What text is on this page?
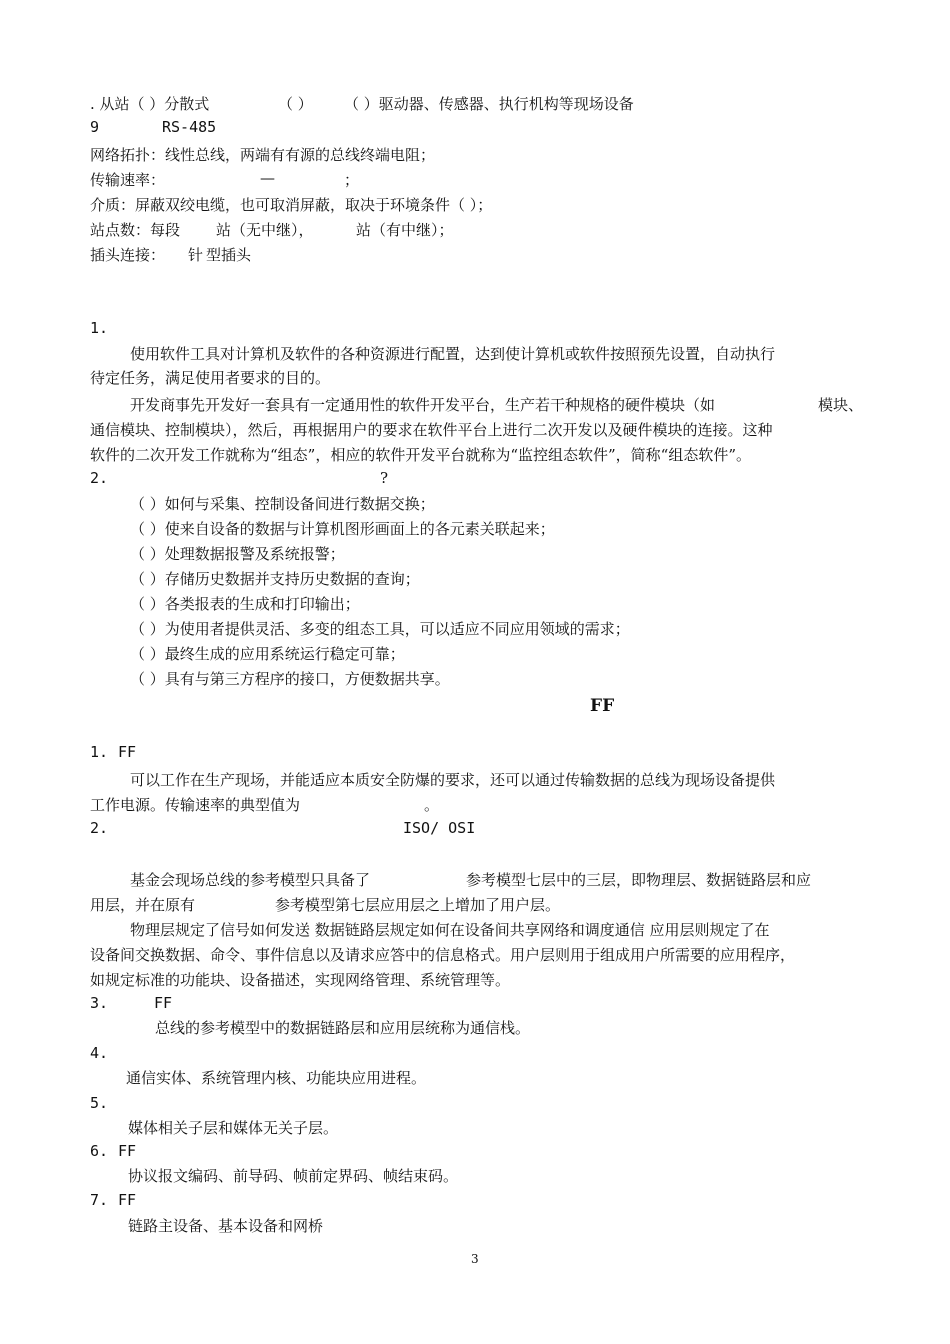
. 从站（ ）分散式	（ ） （ ）驱动器、传感器、执行机构等现场设备
9	RS-485
网络拓扑：线性总线，两端有有源的总线终端电阻；
传输速率：	—	；
介质：屏蔽双绞电缆，也可取消屏蔽，取决于环境条件（ ）；
站点数：每段 站（无中继），	站（有中继）；
插头连接： 针 型插头
1.
使用软件工具对计算机及软件的各种资源进行配置，达到使计算机或软件按照预先设置，自动执行
待定任务，满足使用者要求的目的。
开发商事先开发好一套具有一定通用性的软件开发平台，生产若干种规格的硬件模块（如	模块、
通信模块、控制模块），然后，再根据用户的要求在软件平台上进行二次开发以及硬件模块的连接。这种
软件的二次开发工作就称为“组态”，相应的软件开发平台就称为“监控组态软件”，简称“组态软件”。
2.	?
（ ）如何与采集、控制设备间进行数据交换；
（ ）使来自设备的数据与计算机图形画面上的各元素关联起来；
（ ）处理数据报警及系统报警；
（ ）存储历史数据并支持历史数据的查询；
（ ）各类报表的生成和打印输出；
（ ）为使用者提供灵活、多变的组态工具，可以适应不同应用领域的需求；
（ ）最终生成的应用系统运行稳定可靠；
（ ）具有与第三方程序的接口，方便数据共享。
FF
1. FF
可以工作在生产现场，并能适应本质安全防爆的要求，还可以通过传输数据的总线为现场设备提供
工作电源。传输速率的典型值为	。
2.	ISO/ OSI
基金会现场总线的参考模型只具备了	参考模型七层中的三层，即物理层、数据链路层和应
用层，并在原有	参考模型第七层应用层之上增加了用户层。
物理层规定了信号如何发送 数据链路层规定如何在设备间共享网络和调度通信 应用层则规定了在
设备间交换数据、命令、事件信息以及请求应答中的信息格式。用户层则用于组成用户所需要的应用程序，
如规定标准的功能块、设备描述，实现网络管理、系统管理等。
3.	FF
总线的参考模型中的数据链路层和应用层统称为通信栈。
4.
通信实体、系统管理内核、功能块应用进程。
5.
媒体相关子层和媒体无关子层。
6. FF
协议报文编码、前导码、帧前定界码、帧结束码。
7. FF
链路主设备、基本设备和网桥
3
